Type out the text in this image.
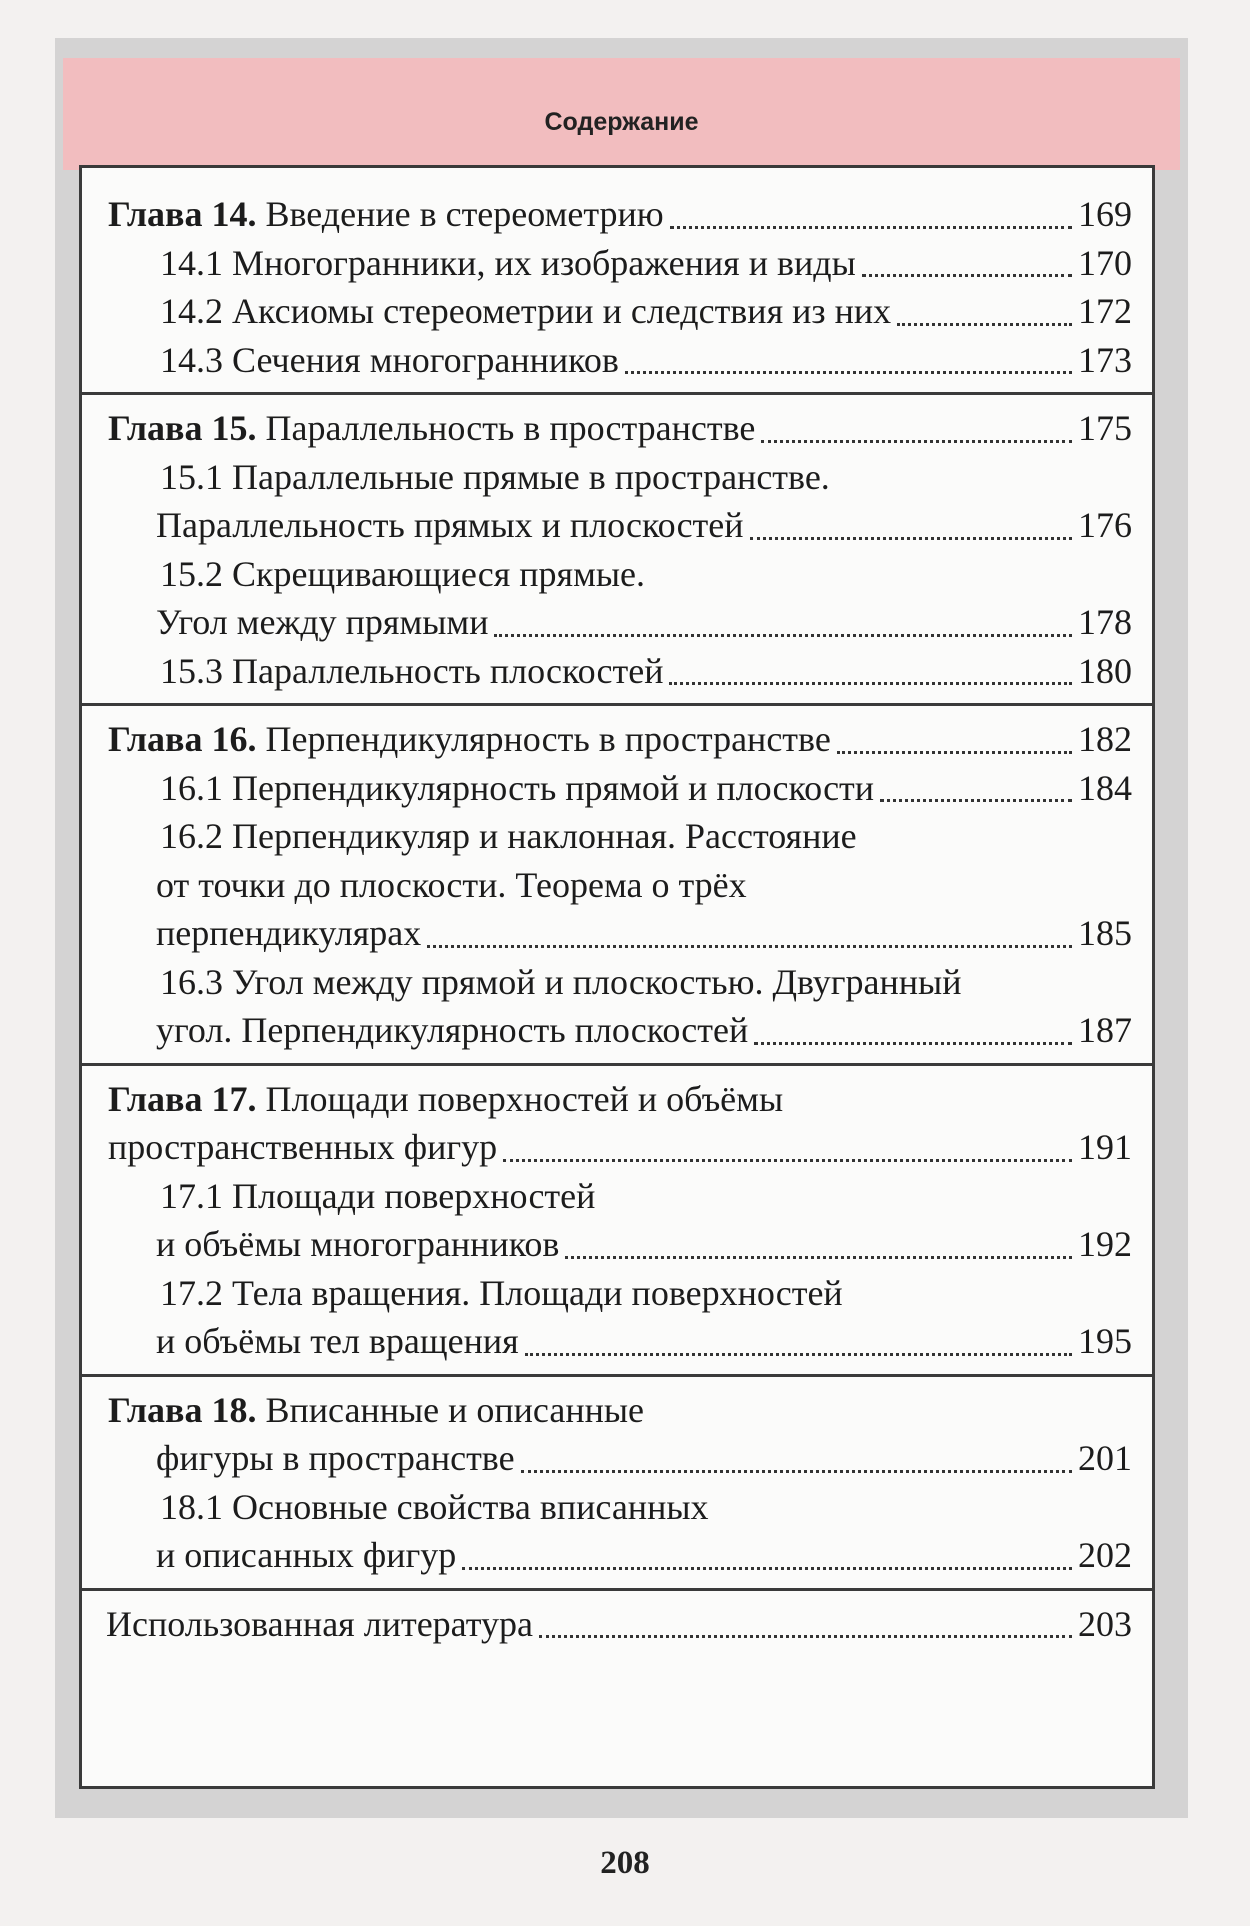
Содержание
Глава 14. Введение в стереометрию	169
14.1 Многогранники, их изображения и виды	170
14.2 Аксиомы стереометрии и следствия из них	172
14.3 Сечения многогранников	173
Глава 15. Параллельность в пространстве	175
15.1 Параллельные прямые в пространстве.
Параллельность прямых и плоскостей	176
15.2 Скрещивающиеся прямые.
Угол между прямыми	178
15.3 Параллельность плоскостей	180
Глава 16. Перпендикулярность в пространстве	182
16.1 Перпендикулярность прямой и плоскости	184
16.2 Перпендикуляр и наклонная. Расстояние
от точки до плоскости. Теорема о трёх
перпендикулярах	185
16.3 Угол между прямой и плоскостью. Двугранный
угол. Перпендикулярность плоскостей	187
Глава 17. Площади поверхностей и объёмы
пространственных фигур	191
17.1 Площади поверхностей
и объёмы многогранников	192
17.2 Тела вращения. Площади поверхностей
и объёмы тел вращения	195
Глава 18. Вписанные и описанные
фигуры в пространстве	201
18.1 Основные свойства вписанных
и описанных фигур	202
Использованная литература	203
208
